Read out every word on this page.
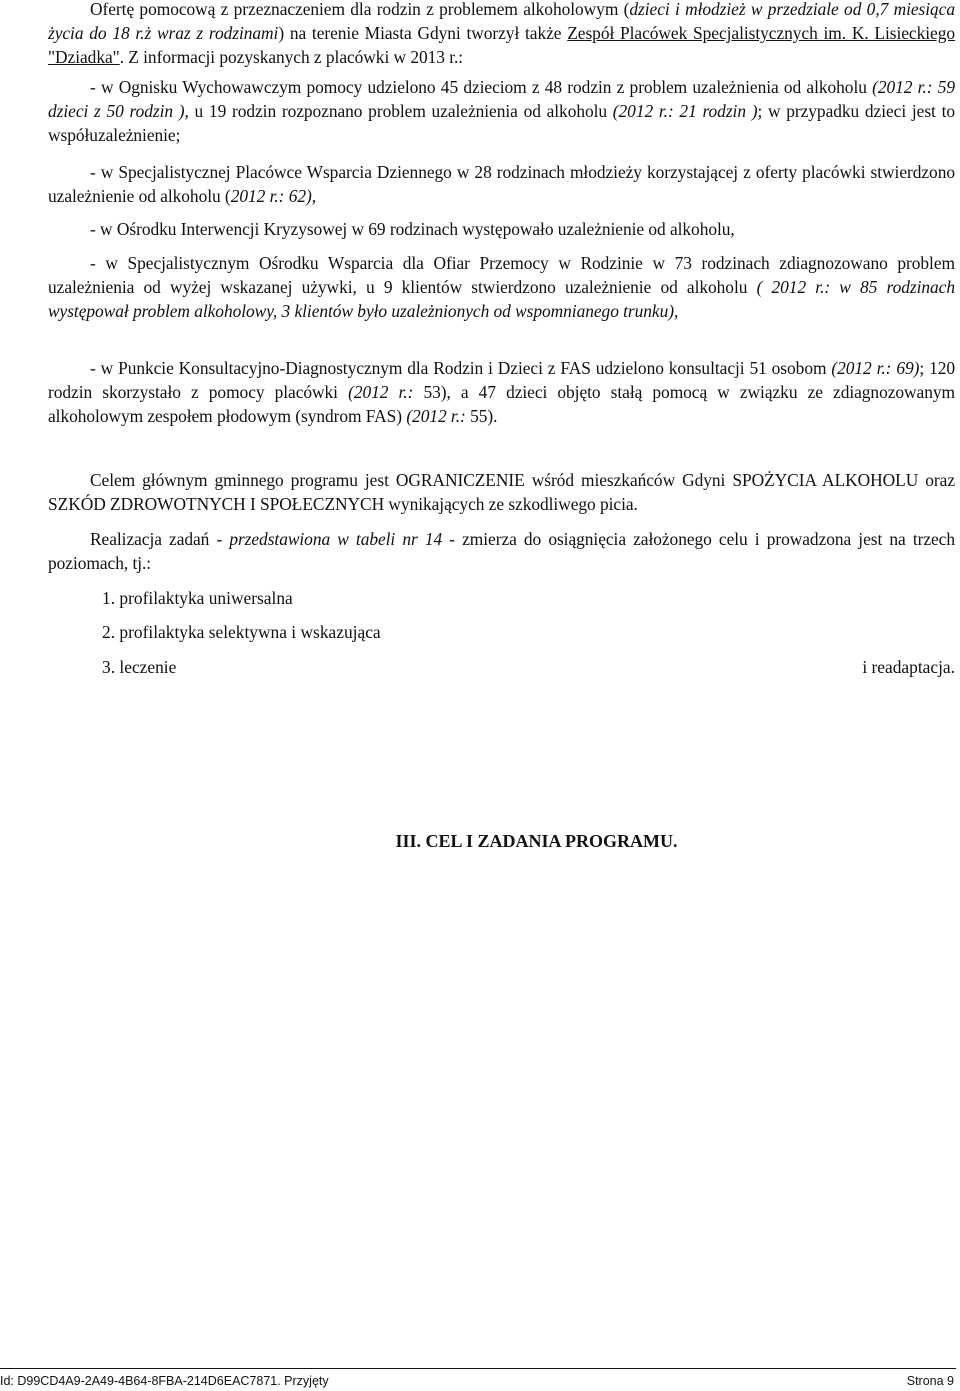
Ofertę pomocową z przeznaczeniem dla rodzin z problemem alkoholowym (dzieci i młodzież w przedziale od 0,7 miesiąca życia do 18 r.ż wraz z rodzinami) na terenie Miasta Gdyni tworzył także Zespół Placówek Specjalistycznych im. K. Lisieckiego "Dziadka". Z informacji pozyskanych z placówki w 2013 r.:

- w Ognisku Wychowawczym pomocy udzielono 45 dzieciom z 48 rodzin z problem uzależnienia od alkoholu (2012 r.: 59 dzieci z 50 rodzin ), u 19 rodzin rozpoznano problem uzależnienia od alkoholu (2012 r.: 21 rodzin ); w przypadku dzieci jest to współuzależnienie;

- w Specjalistycznej Placówce Wsparcia Dziennego w 28 rodzinach młodzieży korzystającej z oferty placówki stwierdzono uzależnienie od alkoholu (2012 r.: 62),

- w Ośrodku Interwencji Kryzysowej w 69 rodzinach występowało uzależnienie od alkoholu,

- w Specjalistycznym Ośrodku Wsparcia dla Ofiar Przemocy w Rodzinie w 73 rodzinach zdiagnozowano problem uzależnienia od wyżej wskazanej używki, u 9 klientów stwierdzono uzależnienie od alkoholu ( 2012 r.: w 85 rodzinach występował problem alkoholowy, 3 klientów było uzależnionych od wspomnianego trunku),

- w Punkcie Konsultacyjno-Diagnostycznym dla Rodzin i Dzieci z FAS udzielono konsultacji 51 osobom (2012 r.: 69); 120 rodzin skorzystało z pomocy placówki (2012 r.: 53), a 47 dzieci objęto stałą pomocą w związku ze zdiagnozowanym alkoholowym zespołem płodowym (syndrom FAS) (2012 r.: 55).

III. CEL I ZADANIA PROGRAMU.

Celem głównym gminnego programu jest OGRANICZENIE wśród mieszkańców Gdyni SPOŻYCIA ALKOHOLU oraz SZKÓD ZDROWOTNYCH I SPOŁECZNYCH wynikających ze szkodliwego picia.

Realizacja zadań - przedstawiona w tabeli nr 14 - zmierza do osiągnięcia założonego celu i prowadzona jest na trzech poziomach, tj.:

1. profilaktyka uniwersalna

2. profilaktyka selektywna i wskazująca

3. leczenie	i readaptacja.

Id: D99CD4A9-2A49-4B64-8FBA-214D6EAC7871. Przyjęty	Strona 9
